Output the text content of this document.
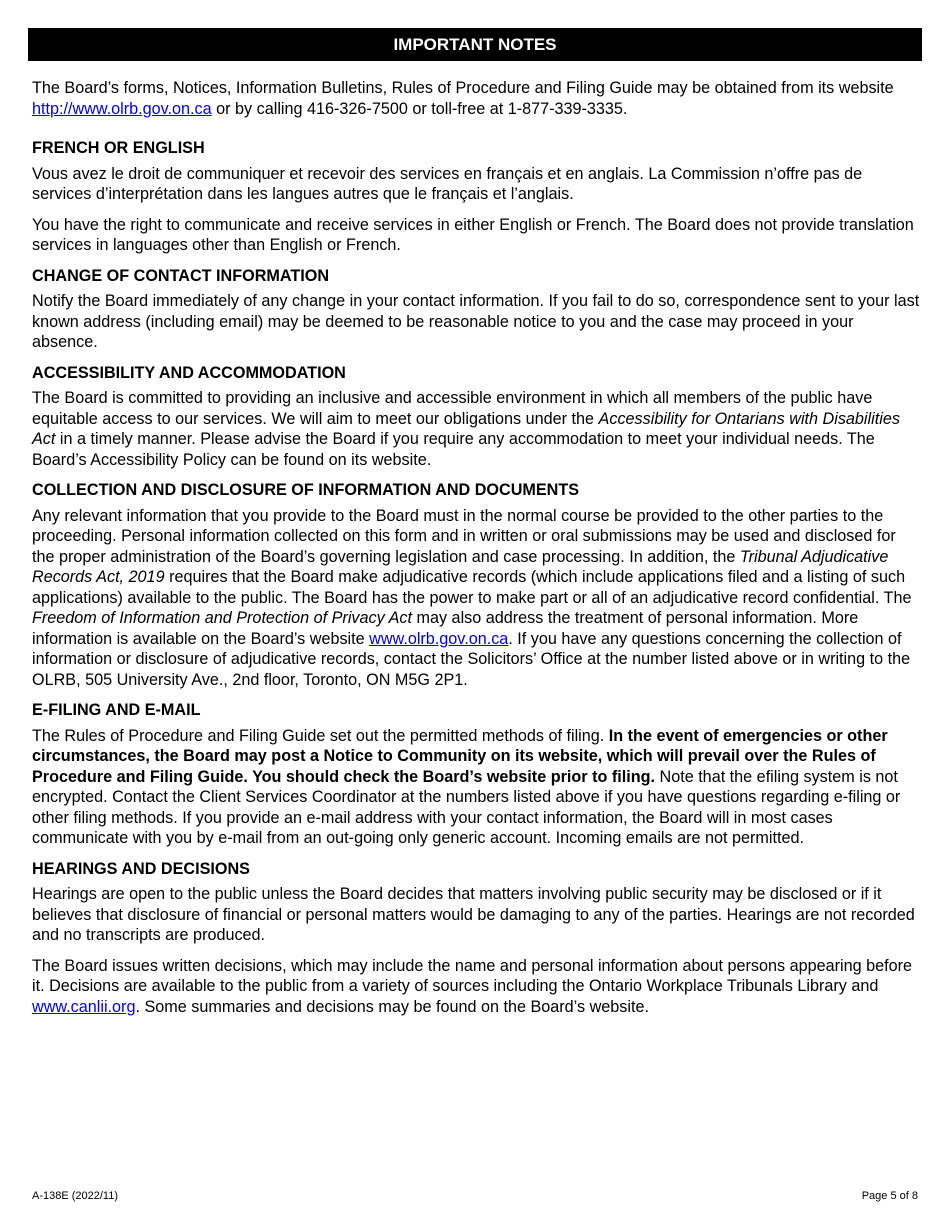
IMPORTANT NOTES

The Board’s forms, Notices, Information Bulletins, Rules of Procedure and Filing Guide may be obtained from its website http://www.olrb.gov.on.ca or by calling 416-326-7500 or toll-free at 1-877-339-3335.

FRENCH OR ENGLISH

Vous avez le droit de communiquer et recevoir des services en français et en anglais. La Commission n’offre pas de services d’interprétation dans les langues autres que le français et l’anglais.

You have the right to communicate and receive services in either English or French. The Board does not provide translation services in languages other than English or French.

CHANGE OF CONTACT INFORMATION

Notify the Board immediately of any change in your contact information. If you fail to do so, correspondence sent to your last known address (including email) may be deemed to be reasonable notice to you and the case may proceed in your absence.

ACCESSIBILITY AND ACCOMMODATION

The Board is committed to providing an inclusive and accessible environment in which all members of the public have equitable access to our services. We will aim to meet our obligations under the Accessibility for Ontarians with Disabilities Act in a timely manner. Please advise the Board if you require any accommodation to meet your individual needs. The Board’s Accessibility Policy can be found on its website.

COLLECTION AND DISCLOSURE OF INFORMATION AND DOCUMENTS

Any relevant information that you provide to the Board must in the normal course be provided to the other parties to the proceeding. Personal information collected on this form and in written or oral submissions may be used and disclosed for the proper administration of the Board’s governing legislation and case processing. In addition, the Tribunal Adjudicative Records Act, 2019 requires that the Board make adjudicative records (which include applications filed and a listing of such applications) available to the public. The Board has the power to make part or all of an adjudicative record confidential. The Freedom of Information and Protection of Privacy Act may also address the treatment of personal information. More information is available on the Board’s website www.olrb.gov.on.ca. If you have any questions concerning the collection of information or disclosure of adjudicative records, contact the Solicitors’ Office at the number listed above or in writing to the OLRB, 505 University Ave., 2nd floor, Toronto, ON M5G 2P1.

E-FILING AND E-MAIL

The Rules of Procedure and Filing Guide set out the permitted methods of filing. In the event of emergencies or other circumstances, the Board may post a Notice to Community on its website, which will prevail over the Rules of Procedure and Filing Guide. You should check the Board’s website prior to filing. Note that the efiling system is not encrypted. Contact the Client Services Coordinator at the numbers listed above if you have questions regarding e-filing or other filing methods. If you provide an e-mail address with your contact information, the Board will in most cases communicate with you by e-mail from an out-going only generic account. Incoming emails are not permitted.

HEARINGS AND DECISIONS

Hearings are open to the public unless the Board decides that matters involving public security may be disclosed or if it believes that disclosure of financial or personal matters would be damaging to any of the parties. Hearings are not recorded and no transcripts are produced.

The Board issues written decisions, which may include the name and personal information about persons appearing before it. Decisions are available to the public from a variety of sources including the Ontario Workplace Tribunals Library and www.canlii.org. Some summaries and decisions may be found on the Board’s website.

A-138E (2022/11)	Page 5 of 8
